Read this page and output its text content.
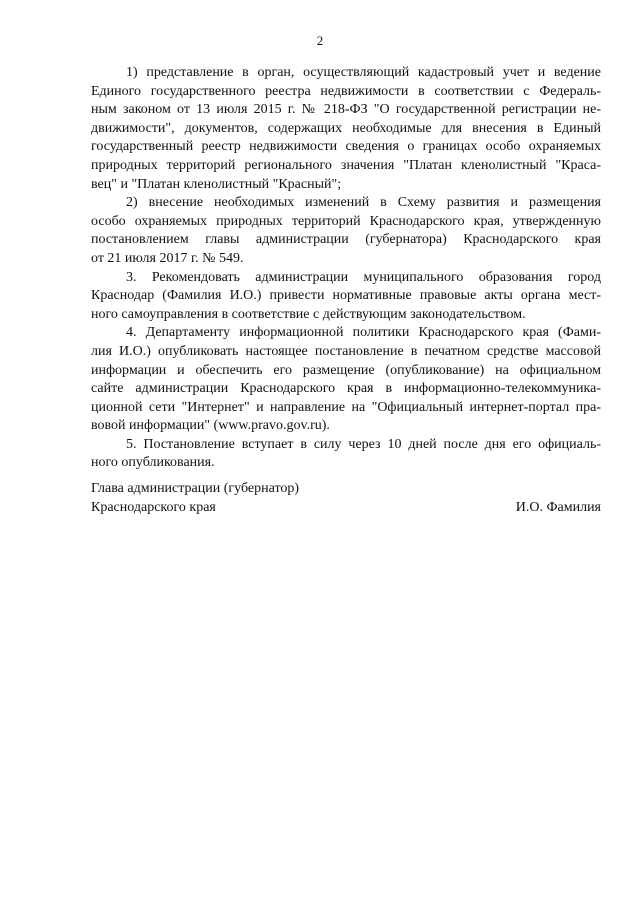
2
1) представление в орган, осуществляющий кадастровый учет и ведение
Единого государственного реестра недвижимости в соответствии с Федераль-
ным законом от 13 июля 2015 г. № 218-ФЗ "О государственной регистрации не-
движимости", документов, содержащих необходимые для внесения в Единый
государственный реестр недвижимости сведения о границах особо охраняемых
природных территорий регионального значения "Платан кленолистный "Краса-
вец" и "Платан кленолистный "Красный";
2) внесение необходимых изменений в Схему развития и размещения
особо охраняемых природных территорий Краснодарского края, утвержденную
постановлением главы администрации (губернатора) Краснодарского края
от 21 июля 2017 г. № 549.
3. Рекомендовать администрации муниципального образования город
Краснодар (Фамилия И.О.) привести нормативные правовые акты органа мест-
ного самоуправления в соответствие с действующим законодательством.
4. Департаменту информационной политики Краснодарского края (Фами-
лия И.О.) опубликовать настоящее постановление в печатном средстве массовой
информации и обеспечить его размещение (опубликование) на официальном
сайте администрации Краснодарского края в информационно-телекоммуника-
ционной сети "Интернет" и направление на "Официальный интернет-портал пра-
вовой информации" (www.pravo.gov.ru).
5. Постановление вступает в силу через 10 дней после дня его официаль-
ного опубликования.
Глава администрации (губернатор)
Краснодарского края	И.О. Фамилия
